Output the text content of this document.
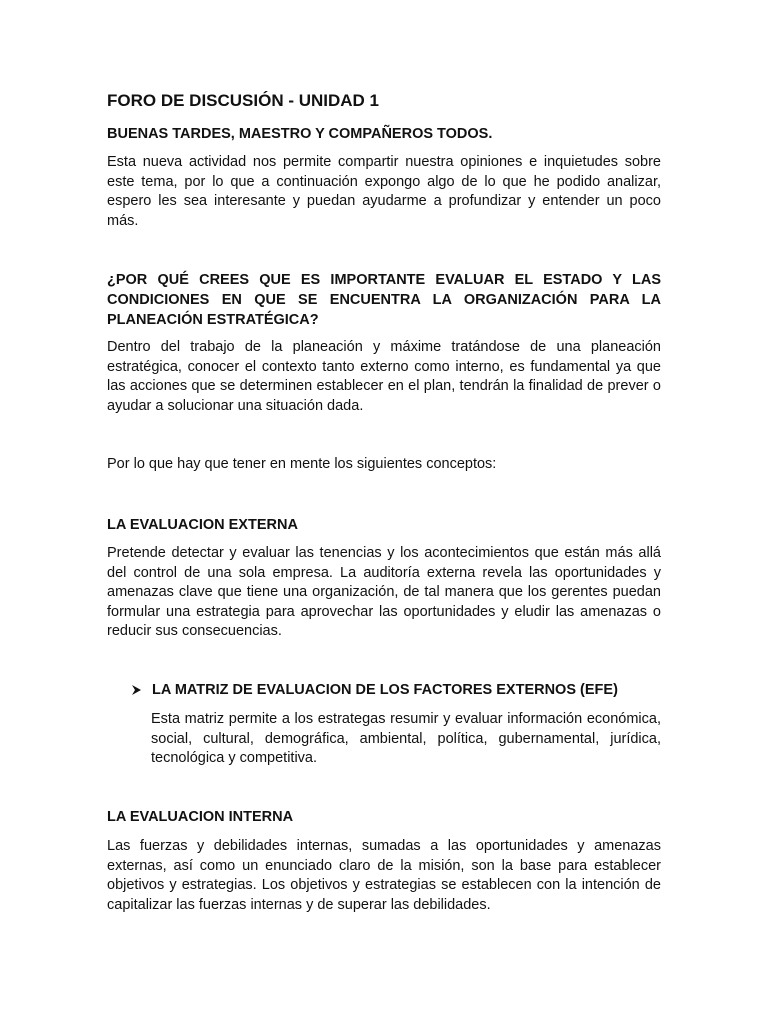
FORO DE DISCUSIÓN - UNIDAD 1

BUENAS TARDES, MAESTRO Y COMPAÑEROS TODOS.

Esta nueva actividad nos permite compartir nuestra opiniones e inquietudes sobre este tema, por lo que a continuación expongo algo de lo que he podido analizar, espero les sea interesante y puedan ayudarme a profundizar y entender un poco más.

¿POR QUÉ CREES QUE ES IMPORTANTE EVALUAR EL ESTADO Y LAS CONDICIONES EN QUE SE ENCUENTRA LA ORGANIZACIÓN PARA LA PLANEACIÓN ESTRATÉGICA?

Dentro del trabajo de la planeación y máxime tratándose de una planeación estratégica, conocer el contexto tanto externo como interno, es fundamental ya que las acciones que se determinen establecer en el plan, tendrán la finalidad de prever o ayudar a solucionar una situación dada.

Por lo que hay que tener en mente los siguientes conceptos:

LA EVALUACION EXTERNA

Pretende detectar y evaluar las tenencias y los acontecimientos que están más allá del control de una sola empresa. La auditoría externa revela las oportunidades y amenazas clave que tiene una organización, de tal manera que los gerentes puedan formular una estrategia para aprovechar las oportunidades y eludir las amenazas o reducir sus consecuencias.

LA MATRIZ DE EVALUACION DE LOS FACTORES EXTERNOS (EFE)

Esta matriz permite a los estrategas resumir y evaluar información económica, social, cultural, demográfica, ambiental, política, gubernamental, jurídica, tecnológica y competitiva.

LA EVALUACION INTERNA

Las fuerzas y debilidades internas, sumadas a las oportunidades y amenazas externas, así como un enunciado claro de la misión, son la base para establecer objetivos y estrategias. Los objetivos y estrategias se establecen con la intención de capitalizar las fuerzas internas y de superar las debilidades.
